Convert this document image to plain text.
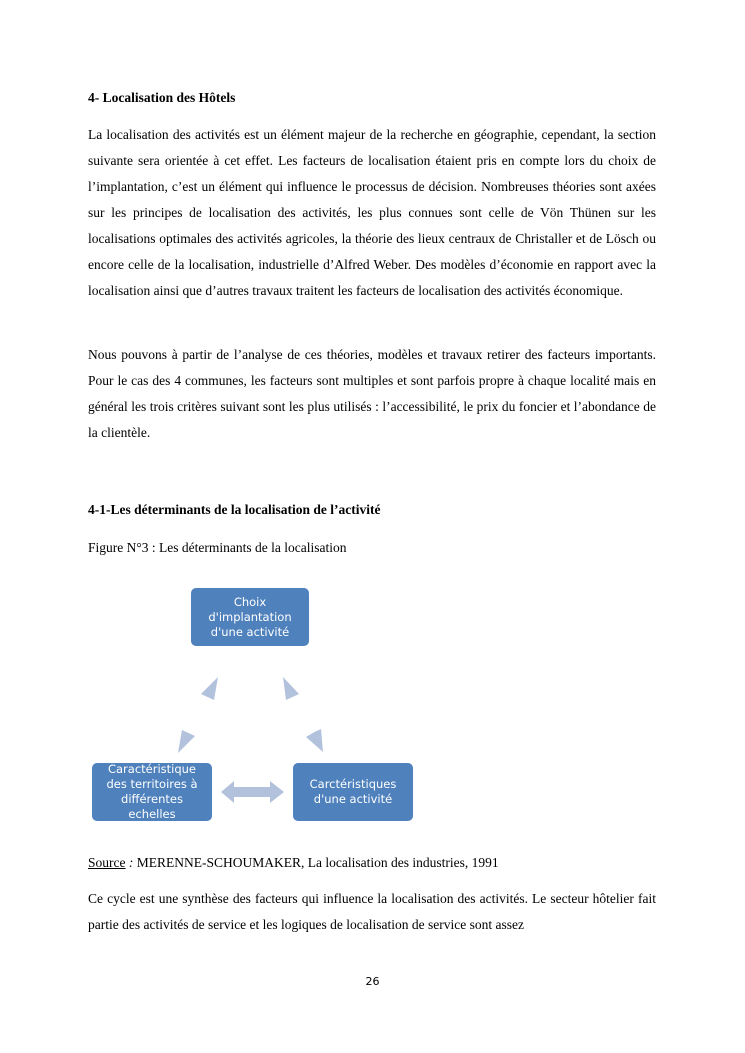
4- Localisation des Hôtels

La localisation des activités est un élément majeur de la recherche en géographie, cependant, la section suivante sera orientée à cet effet. Les facteurs de localisation étaient pris en compte lors du choix de l’implantation, c’est un élément qui influence le processus de décision. Nombreuses théories sont axées sur les principes de localisation des activités, les plus connues sont celle de Vön Thünen sur les localisations optimales des activités agricoles, la théorie des lieux centraux de Christaller et de Lösch ou encore celle de la localisation, industrielle d’Alfred Weber. Des modèles d’économie en rapport avec la localisation ainsi que d’autres travaux traitent les facteurs de localisation des activités économique.

Nous pouvons à partir de l’analyse de ces théories, modèles et travaux retirer des facteurs importants. Pour le cas des 4 communes, les facteurs sont multiples et sont parfois propre à chaque localité mais en général les trois critères suivant sont les plus utilisés : l’accessibilité, le prix du foncier et l’abondance de la clientèle.

4-1-Les déterminants de la localisation de l’activité

Figure N°3 : Les déterminants de la localisation

Source : MERENNE-SCHOUMAKER, La localisation des industries, 1991

Ce cycle est une synthèse des facteurs qui influence la localisation des activités. Le secteur hôtelier fait partie des activités de service et les logiques de localisation de service sont assez

Choix d'implantation d'une activité
Caractéristique des territoires à différentes echelles
Carctéristiques d'une activité
26
